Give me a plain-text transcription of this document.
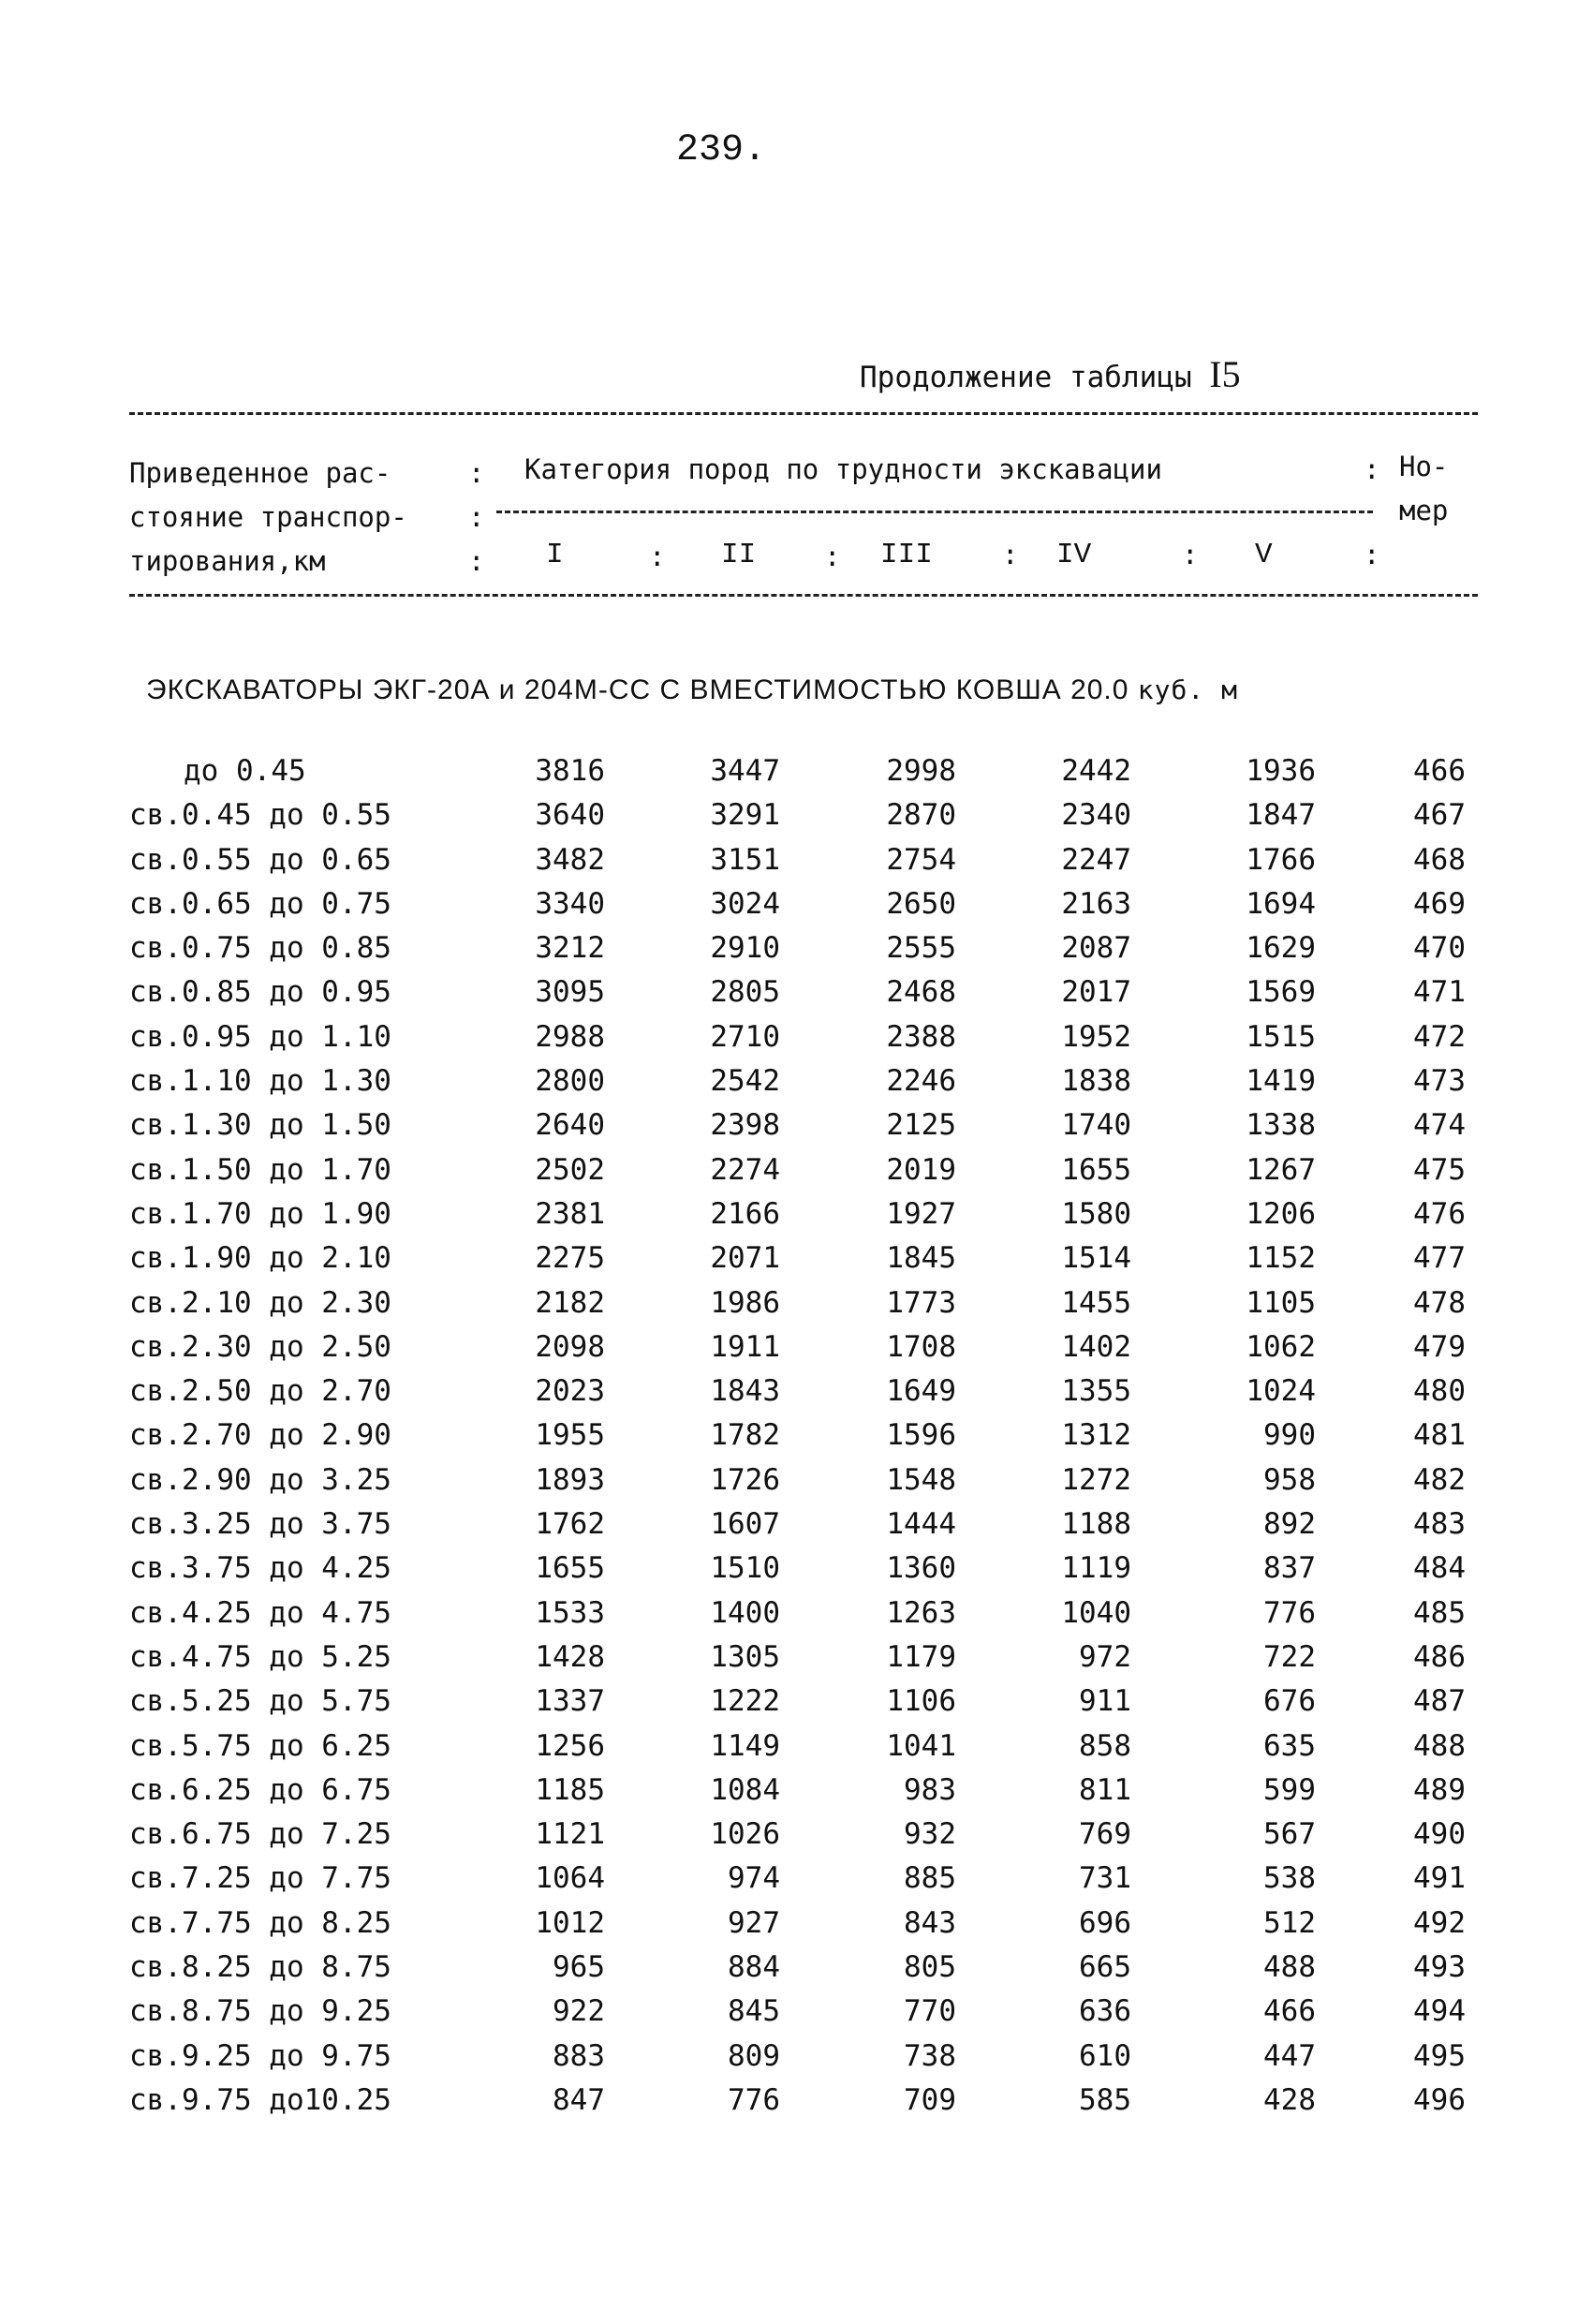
239.
Продолжение таблицы I5
Приведенное рас-
стояние транспор-
тирования,км
:
:
:
Категория пород по трудности экскавации	: Но-
мер
I	: II	: III	: IV	: V	:
ЭКСКАВАТОРЫ ЭКГ-20А и 204М-СС С ВМЕСТИМОСТЬЮ КОВША 20.0 куб. м
до 0.45	3816	3447	2998	2442	1936	466
св.0.45 до 0.55	3640	3291	2870	2340	1847	467
св.0.55 до 0.65	3482	3151	2754	2247	1766	468
св.0.65 до 0.75	3340	3024	2650	2163	1694	469
св.0.75 до 0.85	3212	2910	2555	2087	1629	470
св.0.85 до 0.95	3095	2805	2468	2017	1569	471
св.0.95 до 1.10	2988	2710	2388	1952	1515	472
св.1.10 до 1.30	2800	2542	2246	1838	1419	473
св.1.30 до 1.50	2640	2398	2125	1740	1338	474
св.1.50 до 1.70	2502	2274	2019	1655	1267	475
св.1.70 до 1.90	2381	2166	1927	1580	1206	476
св.1.90 до 2.10	2275	2071	1845	1514	1152	477
св.2.10 до 2.30	2182	1986	1773	1455	1105	478
св.2.30 до 2.50	2098	1911	1708	1402	1062	479
св.2.50 до 2.70	2023	1843	1649	1355	1024	480
св.2.70 до 2.90	1955	1782	1596	1312	990	481
св.2.90 до 3.25	1893	1726	1548	1272	958	482
св.3.25 до 3.75	1762	1607	1444	1188	892	483
св.3.75 до 4.25	1655	1510	1360	1119	837	484
св.4.25 до 4.75	1533	1400	1263	1040	776	485
св.4.75 до 5.25	1428	1305	1179	972	722	486
св.5.25 до 5.75	1337	1222	1106	911	676	487
св.5.75 до 6.25	1256	1149	1041	858	635	488
св.6.25 до 6.75	1185	1084	983	811	599	489
св.6.75 до 7.25	1121	1026	932	769	567	490
св.7.25 до 7.75	1064	974	885	731	538	491
св.7.75 до 8.25	1012	927	843	696	512	492
св.8.25 до 8.75	965	884	805	665	488	493
св.8.75 до 9.25	922	845	770	636	466	494
св.9.25 до 9.75	883	809	738	610	447	495
св.9.75 до10.25	847	776	709	585	428	496
